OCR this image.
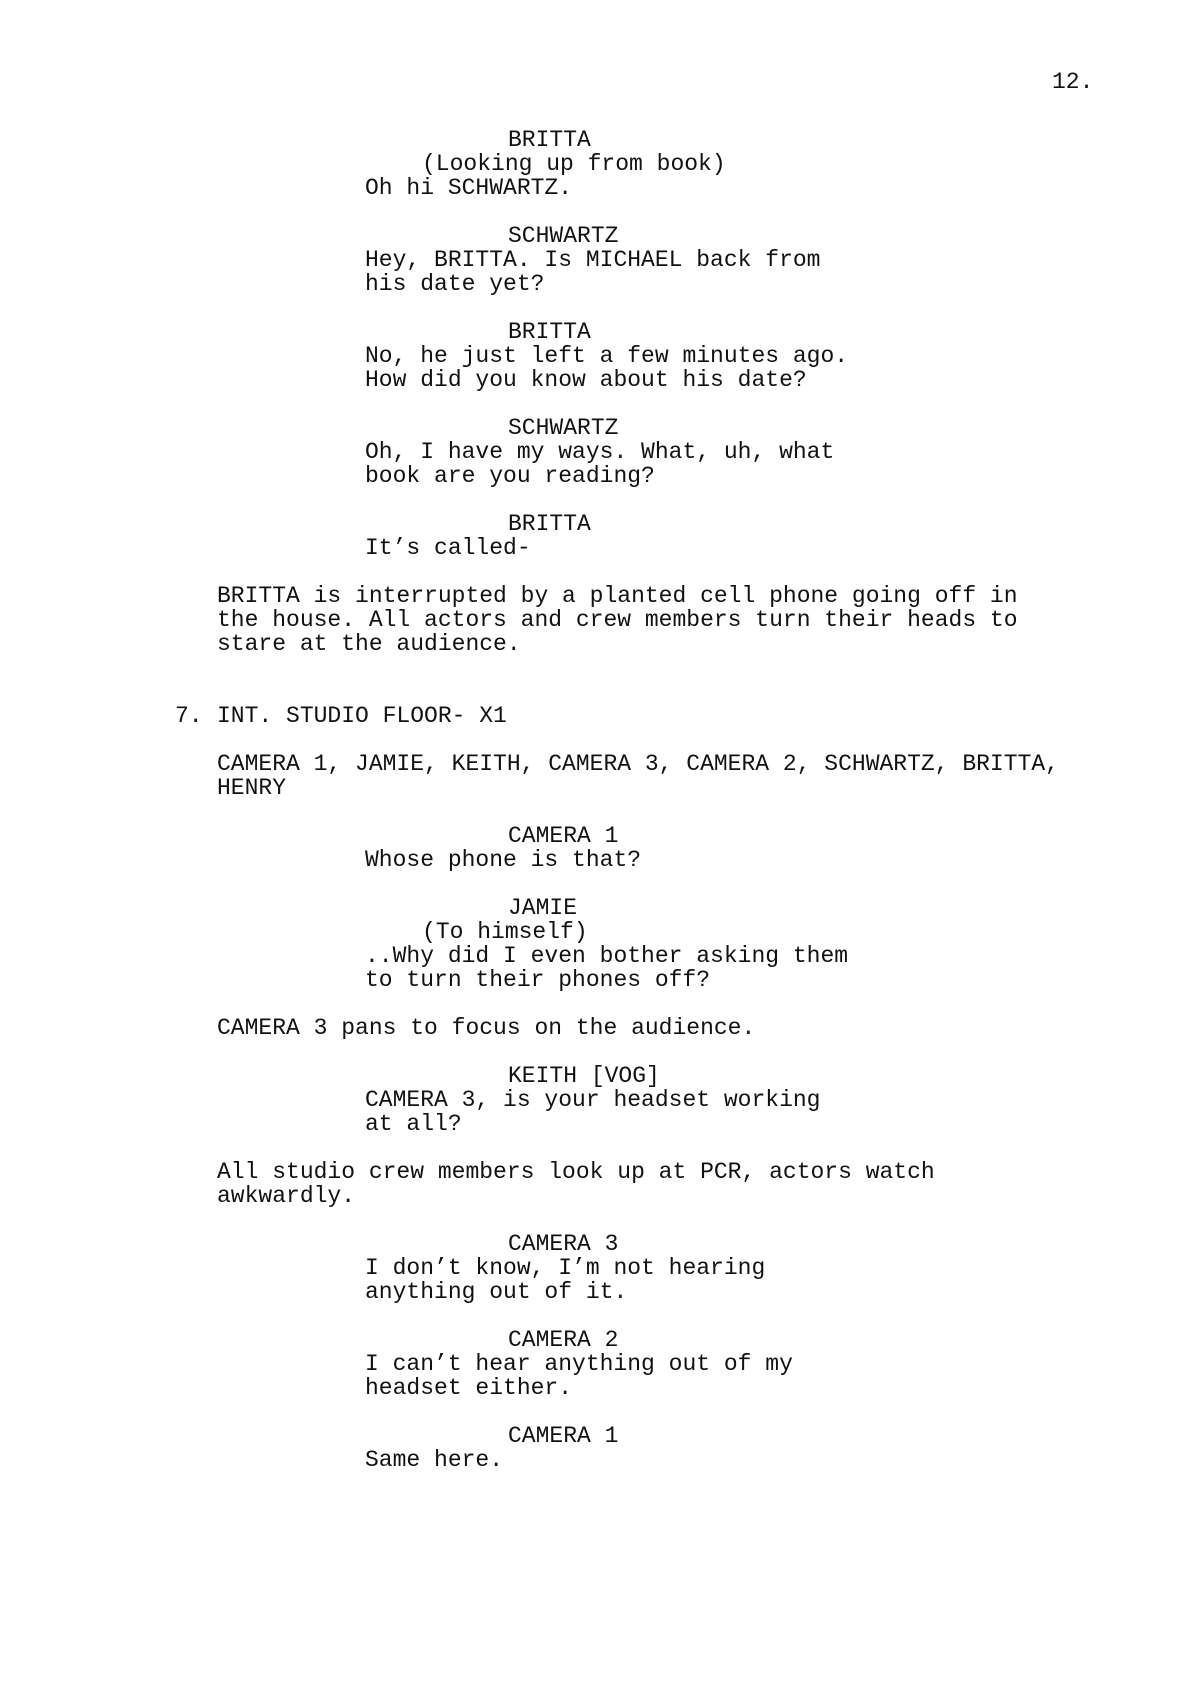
12.
BRITTA
(Looking up from book)
Oh hi SCHWARTZ.
SCHWARTZ
Hey, BRITTA. Is MICHAEL back from
his date yet?
BRITTA
No, he just left a few minutes ago.
How did you know about his date?
SCHWARTZ
Oh, I have my ways. What, uh, what
book are you reading?
BRITTA
It’s called-
BRITTA is interrupted by a planted cell phone going off in
the house. All actors and crew members turn their heads to
stare at the audience.
7. INT. STUDIO FLOOR- X1
CAMERA 1, JAMIE, KEITH, CAMERA 3, CAMERA 2, SCHWARTZ, BRITTA,
HENRY
CAMERA 1
Whose phone is that?
JAMIE
(To himself)
..Why did I even bother asking them
to turn their phones off?
CAMERA 3 pans to focus on the audience.
KEITH [VOG]
CAMERA 3, is your headset working
at all?
All studio crew members look up at PCR, actors watch
awkwardly.
CAMERA 3
I don’t know, I’m not hearing
anything out of it.
CAMERA 2
I can’t hear anything out of my
headset either.
CAMERA 1
Same here.
